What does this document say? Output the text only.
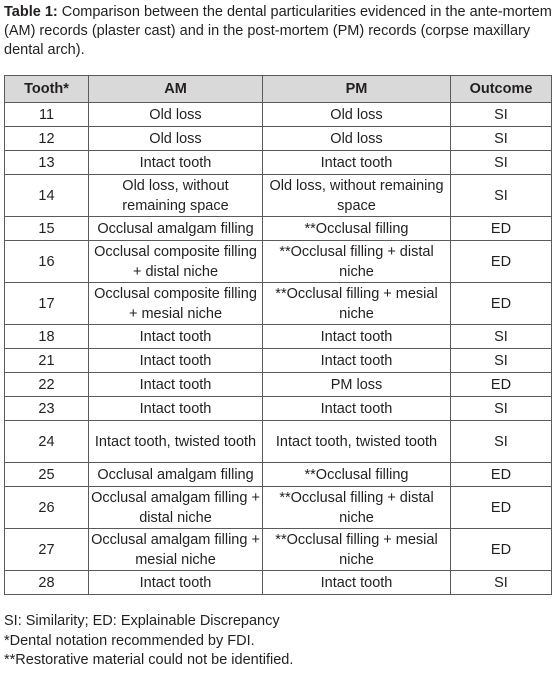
Table 1: Comparison between the dental particularities evidenced in the ante-mortem (AM) records (plaster cast) and in the post-mortem (PM) records (corpse maxillary dental arch).

Tooth*	AM	PM	Outcome
11	Old loss	Old loss	SI
12	Old loss	Old loss	SI
13	Intact tooth	Intact tooth	SI
14	Old loss, without remaining space	Old loss, without remaining space	SI
15	Occlusal amalgam filling	**Occlusal filling	ED
16	Occlusal composite filling + distal niche	**Occlusal filling + distal niche	ED
17	Occlusal composite filling + mesial niche	**Occlusal filling + mesial niche	ED
18	Intact tooth	Intact tooth	SI
21	Intact tooth	Intact tooth	SI
22	Intact tooth	PM loss	ED
23	Intact tooth	Intact tooth	SI
24	Intact tooth, twisted tooth	Intact tooth, twisted tooth	SI
25	Occlusal amalgam filling	**Occlusal filling	ED
26	Occlusal amalgam filling + distal niche	**Occlusal filling + distal niche	ED
27	Occlusal amalgam filling + mesial niche	**Occlusal filling + mesial niche	ED
28	Intact tooth	Intact tooth	SI
SI: Similarity; ED: Explainable Discrepancy
*Dental notation recommended by FDI.
**Restorative material could not be identified.
